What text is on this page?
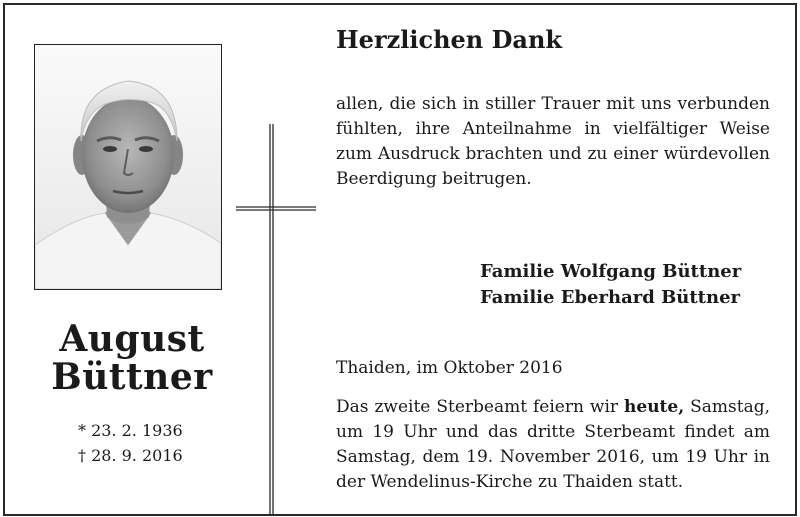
August
Büttner
* 23. 2. 1936
† 28. 9. 2016
Herzlichen Dank
allen, die sich in stiller Trauer mit uns verbunden fühlten, ihre Anteilnahme in vielfältiger Weise zum Ausdruck brachten und zu einer würdevollen Beerdigung beitrugen.
Familie Wolfgang Büttner
Familie Eberhard Büttner
Thaiden, im Oktober 2016
Das zweite Sterbeamt feiern wir heute, Samstag, um 19 Uhr und das dritte Sterbeamt findet am Samstag, dem 19. November 2016, um 19 Uhr in der Wendelinus-Kirche zu Thaiden statt.
